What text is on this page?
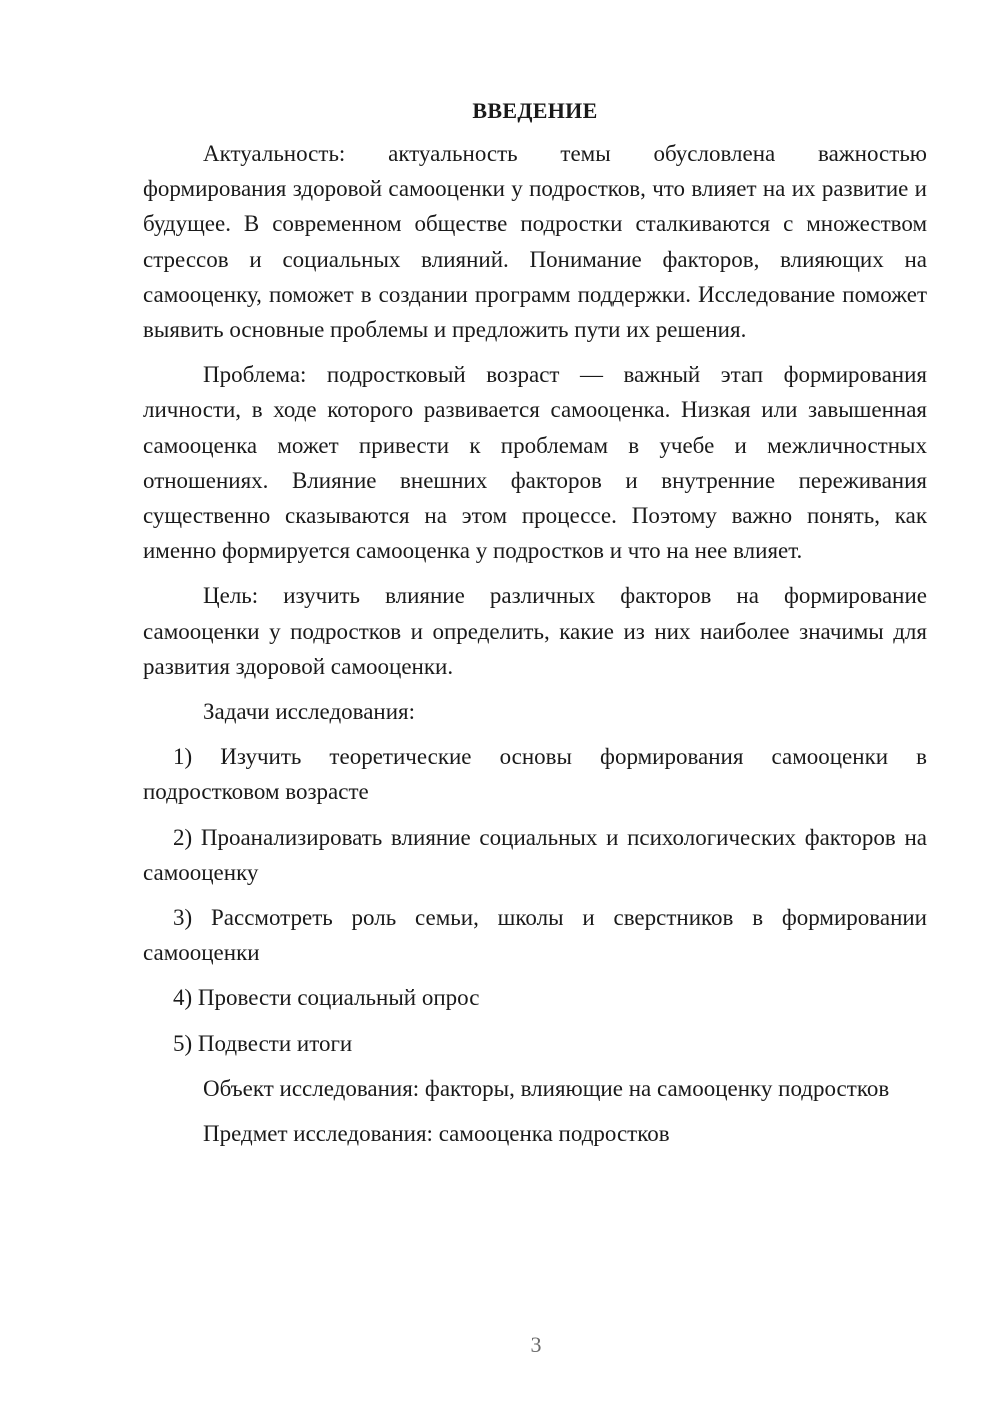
ВВЕДЕНИЕ

Актуальность: актуальность темы обусловлена важностью формирования здоровой самооценки у подростков, что влияет на их развитие и будущее. В современном обществе подростки сталкиваются с множеством стрессов и социальных влияний. Понимание факторов, влияющих на самооценку, поможет в создании программ поддержки. Исследование поможет выявить основные проблемы и предложить пути их решения.

Проблема: подростковый возраст — важный этап формирования личности, в ходе которого развивается самооценка. Низкая или завышенная самооценка может привести к проблемам в учебе и межличностных отношениях. Влияние внешних факторов и внутренние переживания существенно сказываются на этом процессе. Поэтому важно понять, как именно формируется самооценка у подростков и что на нее влияет.

Цель: изучить влияние различных факторов на формирование самооценки у подростков и определить, какие из них наиболее значимы для развития здоровой самооценки.

Задачи исследования:

1) Изучить теоретические основы формирования самооценки в подростковом возрасте

2) Проанализировать влияние социальных и психологических факторов на самооценку

3) Рассмотреть роль семьи, школы и сверстников в формировании самооценки

4) Провести социальный опрос

5) Подвести итоги

Объект исследования: факторы, влияющие на самооценку подростков

Предмет исследования: самооценка подростков

3
